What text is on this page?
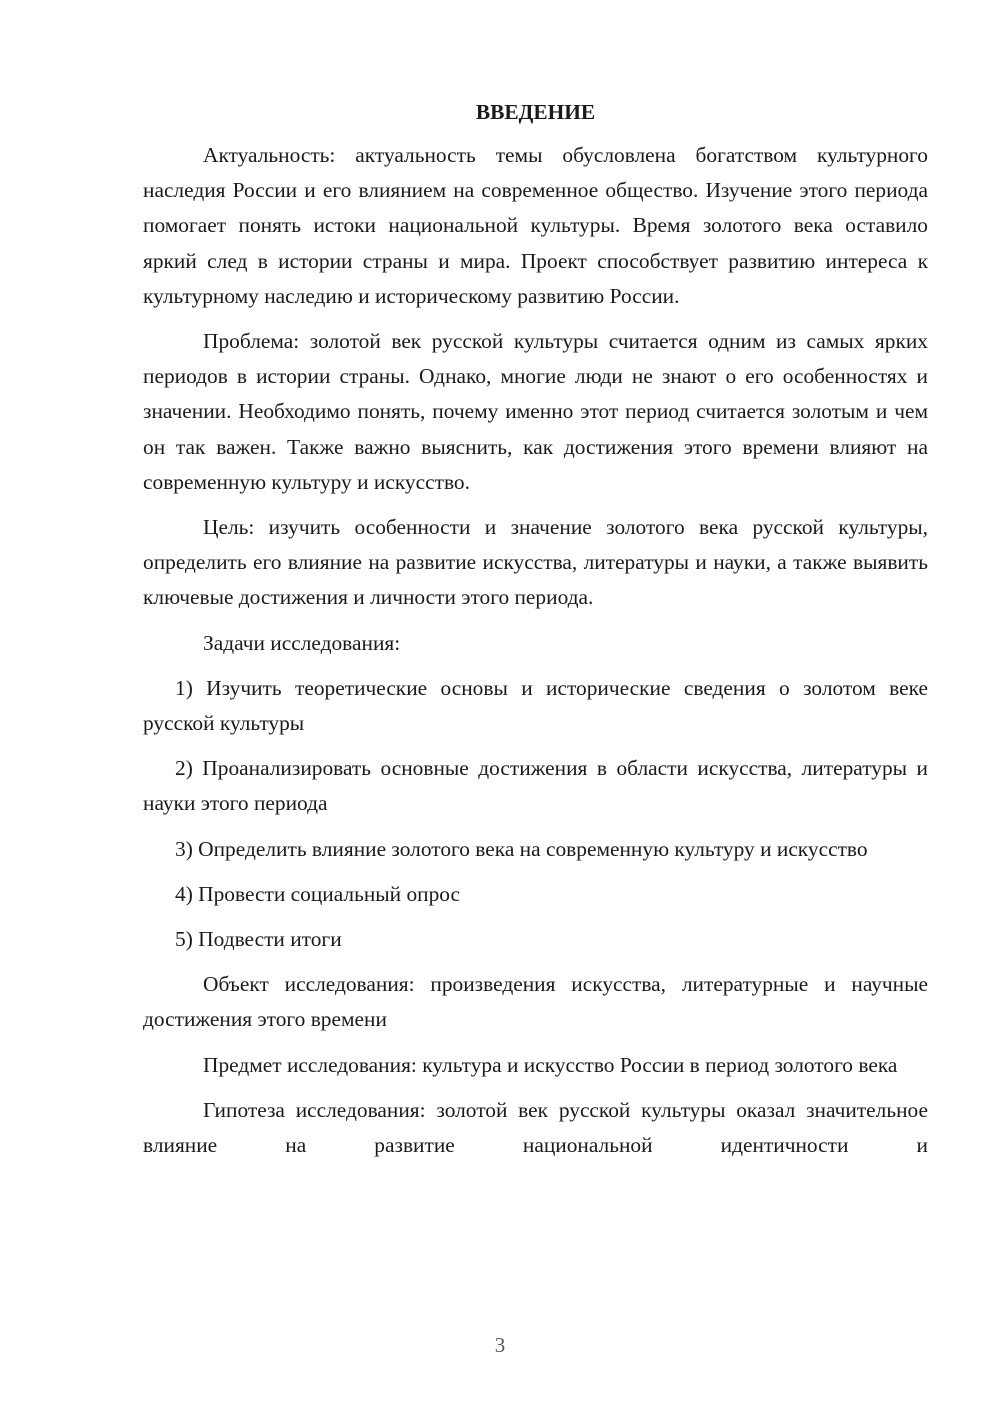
ВВЕДЕНИЕ

Актуальность: актуальность темы обусловлена богатством культурного наследия России и его влиянием на современное общество. Изучение этого периода помогает понять истоки национальной культуры. Время золотого века оставило яркий след в истории страны и мира. Проект способствует развитию интереса к культурному наследию и историческому развитию России.

Проблема: золотой век русской культуры считается одним из самых ярких периодов в истории страны. Однако, многие люди не знают о его особенностях и значении. Необходимо понять, почему именно этот период считается золотым и чем он так важен. Также важно выяснить, как достижения этого времени влияют на современную культуру и искусство.

Цель: изучить особенности и значение золотого века русской культуры, определить его влияние на развитие искусства, литературы и науки, а также выявить ключевые достижения и личности этого периода.

Задачи исследования:

1) Изучить теоретические основы и исторические сведения о золотом веке русской культуры

2) Проанализировать основные достижения в области искусства, литературы и науки этого периода

3) Определить влияние золотого века на современную культуру и искусство

4) Провести социальный опрос

5) Подвести итоги

Объект исследования: произведения искусства, литературные и научные достижения этого времени

Предмет исследования: культура и искусство России в период золотого века

Гипотеза исследования: золотой век русской культуры оказал значительное влияние на развитие национальной идентичности и

3
